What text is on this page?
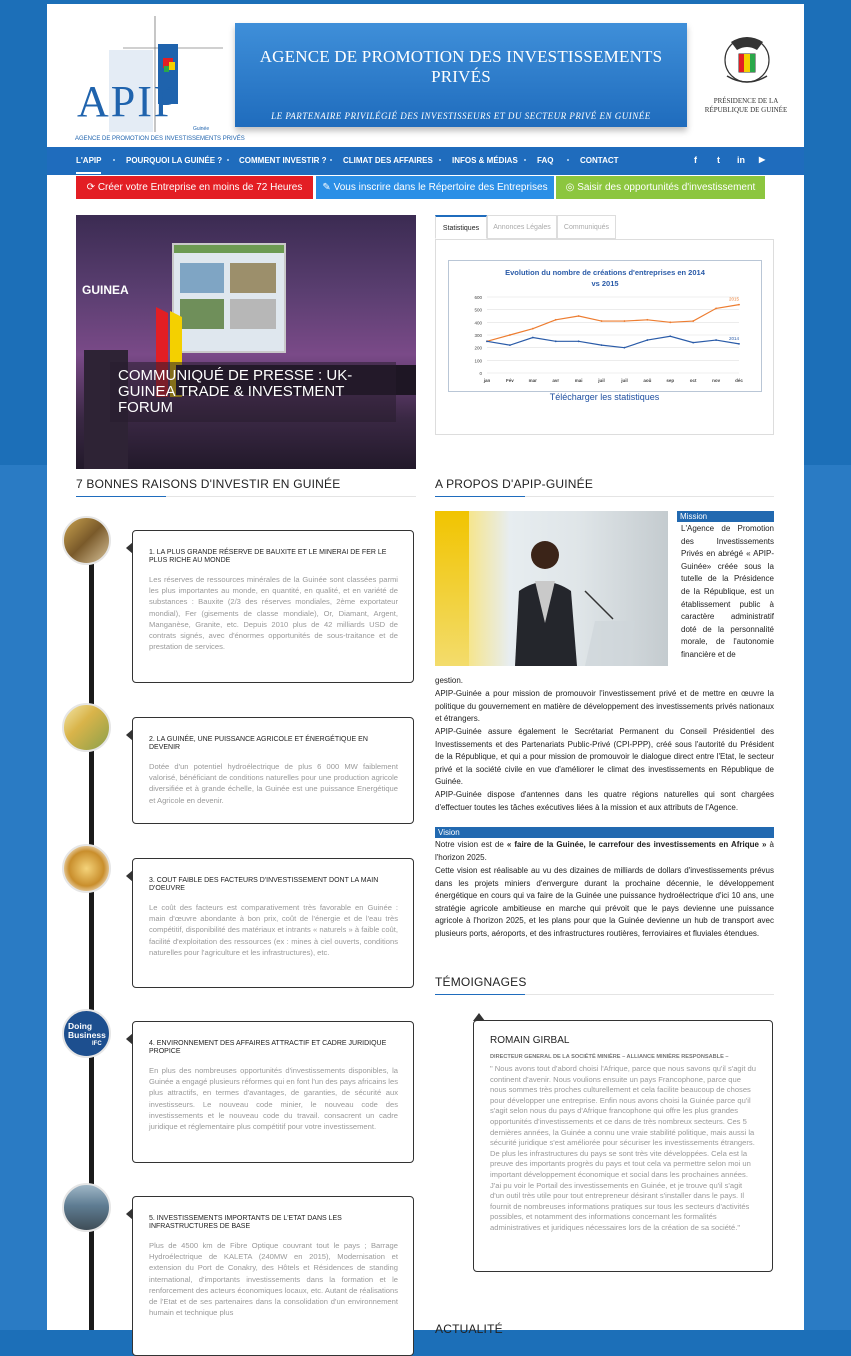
APIP
Guinée
AGENCE DE PROMOTION DES INVESTISSEMENTS PRIVÉS
AGENCE DE PROMOTION DES INVESTISSEMENTS PRIVÉS
LE PARTENAIRE PRIVILÉGIÉ DES INVESTISSEURS ET DU SECTEUR PRIVÉ EN GUINÉE
PRÉSIDENCE DE LA RÉPUBLIQUE DE GUINÉE
L'APIP	POURQUOI LA GUINÉE ? COMMENT INVESTIR ? CLIMAT DES AFFAIRES INFOS & MÉDIAS FAQ	CONTACT	f t in ▶
⟳ Créer votre Entreprise en moins de 72 Heures	✎ Vous inscrire dans le Répertoire des Entreprises	◎ Saisir des opportunités d'investissement
GUINEA
COMMUNIQUÉ DE PRESSE : UK-GUINEA TRADE & INVESTMENT FORUM
Statistiques	Annonces Légales	Communiqués
Evolution du nombre de créations d'entreprises en 2014
vs 2015
0
100
200
300
400
500
600
jan	Fév	mar	avr	mai	juil	juil	aoû	sep	oct	nov	déc
2015
2014
Télécharger les statistiques
7 BONNES RAISONS D'INVESTIR EN GUINÉE	A PROPOS D'APIP-GUINÉE
1. LA PLUS GRANDE RÉSERVE DE BAUXITE ET LE MINERAI DE FER LE PLUS RICHE AU MONDE
Les réserves de ressources minérales de la Guinée sont classées parmi les plus importantes au monde, en quantité, en qualité, et en variété de substances : Bauxite (2/3 des réserves mondiales, 2ème exportateur mondial), Fer (gisements de classe mondiale), Or, Diamant, Argent, Manganèse, Granite, etc. Depuis 2010 plus de 42 milliards USD de contrats signés, avec d'énormes opportunités de sous-traitance et de prestation de services.
2. LA GUINÉE, UNE PUISSANCE AGRICOLE ET ÉNERGÉTIQUE EN DEVENIR
Dotée d'un potentiel hydroélectrique de plus 6 000 MW faiblement valorisé, bénéficiant de conditions naturelles pour une production agricole diversifiée et à grande échelle, la Guinée est une puissance Energétique et Agricole en devenir.
3. COUT FAIBLE DES FACTEURS D'INVESTISSEMENT DONT LA MAIN D'OEUVRE
Le coût des facteurs est comparativement très favorable en Guinée : main d'œuvre abondante à bon prix, coût de l'énergie et de l'eau très compétitif, disponibilité des matériaux et intrants « naturels » à faible coût, facilité d'exploitation des ressources (ex : mines à ciel ouverts, conditions naturelles pour l'agriculture et les infrastructures), etc.
Doing
Business
IFC	4. ENVIRONNEMENT DES AFFAIRES ATTRACTIF ET CADRE JURIDIQUE PROPICE
En plus des nombreuses opportunités d'investissements disponibles, la Guinée a engagé plusieurs réformes qui en font l'un des pays africains les plus attractifs, en termes d'avantages, de garanties, de sécurité aux investisseurs. Le nouveau code minier, le nouveau code des investissements et le nouveau code du travail. consacrent un cadre juridique et réglementaire plus compétitif pour votre investissement.
5. INVESTISSEMENTS IMPORTANTS DE L'ETAT DANS LES INFRASTRUCTURES DE BASE
Plus de 4500 km de Fibre Optique couvrant tout le pays ; Barrage Hydroélectrique de KALETA (240MW en 2015), Modernisation et extension du Port de Conakry, des Hôtels et Résidences de standing international, d'importants investissements dans la formation et le renforcement des acteurs économiques locaux, etc. Autant de réalisations de l'Etat et de ses partenaires dans la consolidation d'un environnement humain et technique plus
Mission
L'Agence de Promotion des Investissements Privés en abrégé « APIP-Guinée» créée sous la tutelle de la Présidence de la République, est un établissement public à caractère administratif doté de la personnalité morale, de l'autonomie financière et de
gestion.
APIP-Guinée a pour mission de promouvoir l'investissement privé et de mettre en œuvre la politique du gouvernement en matière de développement des investissements privés nationaux et étrangers.
APIP-Guinée assure également le Secrétariat Permanent du Conseil Présidentiel des Investissements et des Partenariats Public-Privé (CPI-PPP), créé sous l'autorité du Président de la République, et qui a pour mission de promouvoir le dialogue direct entre l'Etat, le secteur privé et la société civile en vue d'améliorer le climat des investissements en République de Guinée.
APIP-Guinée dispose d'antennes dans les quatre régions naturelles qui sont chargées d'effectuer toutes les tâches exécutives liées à la mission et aux attributs de l'Agence.
Vision
Notre vision est de « faire de la Guinée, le carrefour des investissements en Afrique » à l'horizon 2025.
Cette vision est réalisable au vu des dizaines de milliards de dollars d'investissements prévus dans les projets miniers d'envergure durant la prochaine décennie, le développement énergétique en cours qui va faire de la Guinée une puissance hydroélectrique d'ici 10 ans, une stratégie agricole ambitieuse en marche qui prévoit que le pays devienne une puissance agricole à l'horizon 2025, et les plans pour que la Guinée devienne un hub de transport avec plusieurs ports, aéroports, et des infrastructures routières, ferroviaires et fluviales étendues.
TÉMOIGNAGES
ROMAIN GIRBAL
DIRECTEUR GENERAL DE LA SOCIÉTÉ MINIÈRE – ALLIANCE MINIÈRE RESPONSABLE –
" Nous avons tout d'abord choisi l'Afrique, parce que nous savons qu'il s'agit du continent d'avenir. Nous voulions ensuite un pays Francophone, parce que nous sommes très proches culturellement et cela facilite beaucoup de choses pour développer une entreprise. Enfin nous avons choisi la Guinée parce qu'il s'agit selon nous du pays d'Afrique francophone qui offre les plus grandes opportunités d'investissements et ce dans de très nombreux secteurs. Ces 5 dernières années, la Guinée a connu une vraie stabilité politique, mais aussi la sécurité juridique s'est améliorée pour sécuriser les investissements étrangers. De plus les infrastructures du pays se sont très vite développées. Cela est la preuve des importants progrès du pays et tout cela va permettre selon moi un important développement économique et social dans les prochaines années. J'ai pu voir le Portail des investissements en Guinée, et je trouve qu'il s'agit d'un outil très utile pour tout entrepreneur désirant s'installer dans le pays. Il fournit de nombreuses informations pratiques sur tous les secteurs d'activités possibles, et notamment des informations concernant les formalités administratives et juridiques nécessaires lors de la création de sa société."
ACTUALITÉ
